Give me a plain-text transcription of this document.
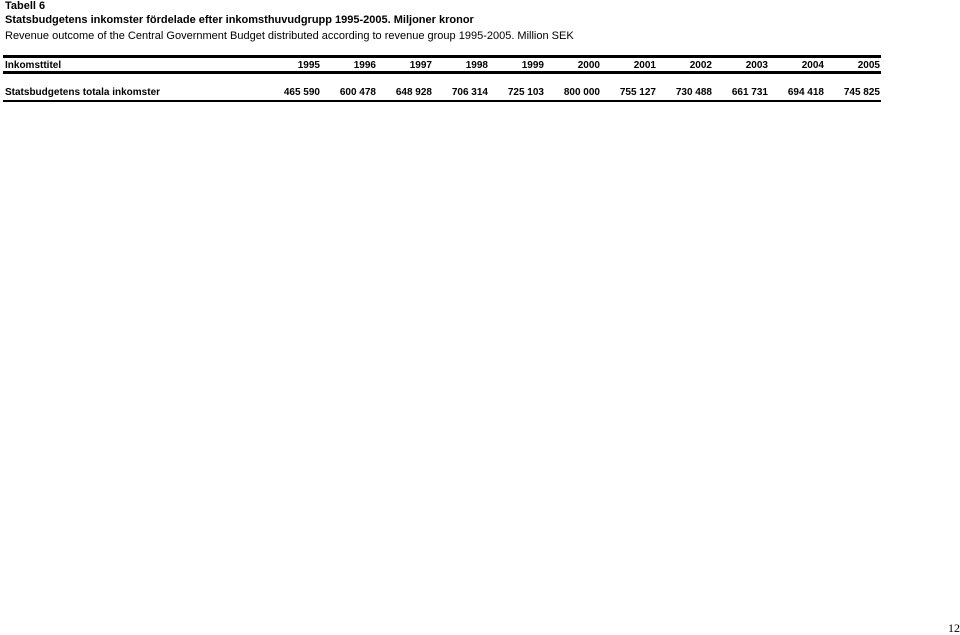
Tabell 6
Statsbudgetens inkomster fördelade efter inkomsthuvudgrupp 1995-2005. Miljoner kronor
Revenue outcome of the Central Government Budget distributed according to revenue group 1995-2005. Million SEK
Inkomsttitel	1995	1996	1997	1998	1999	2000	2001	2002	2003	2004	2005
Statsbudgetens totala inkomster	465 590	600 478	648 928	706 314	725 103	800 000	755 127	730 488	661 731	694 418	745 825
12
